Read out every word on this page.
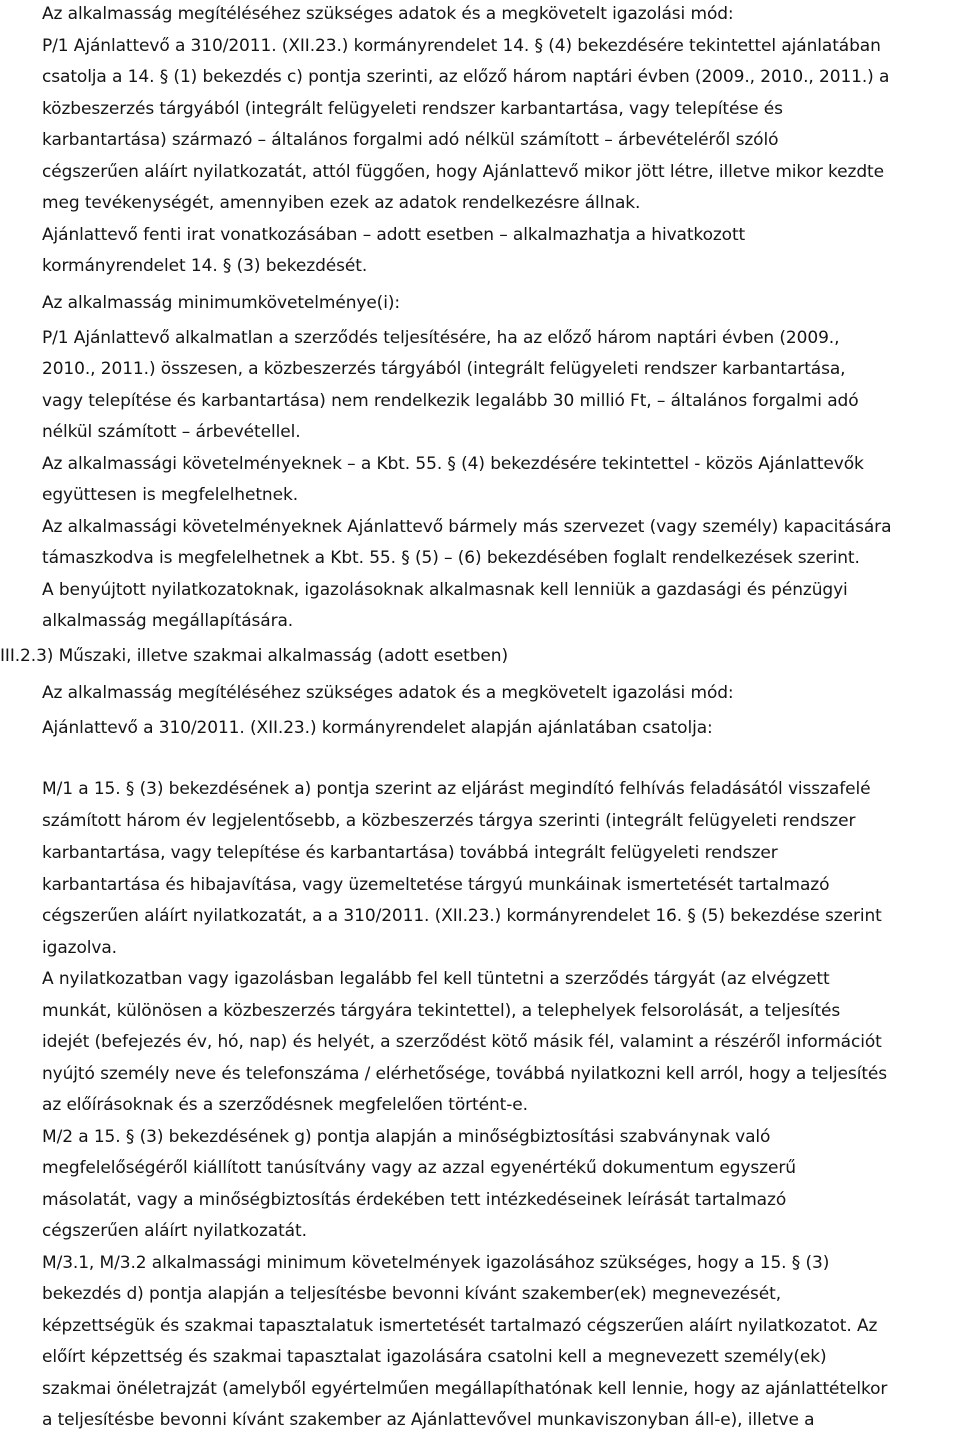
Az alkalmasság megítéléséhez szükséges adatok és a megkövetelt igazolási mód:
P/1 Ajánlattevő a 310/2011. (XII.23.) kormányrendelet 14. § (4) bekezdésére tekintettel ajánlatában
csatolja a 14. § (1) bekezdés c) pontja szerinti, az előző három naptári évben (2009., 2010., 2011.) a
közbeszerzés tárgyából (integrált felügyeleti rendszer karbantartása, vagy telepítése és
karbantartása) származó – általános forgalmi adó nélkül számított – árbevételéről szóló
cégszerűen aláírt nyilatkozatát, attól függően, hogy Ajánlattevő mikor jött létre, illetve mikor kezdte
meg tevékenységét, amennyiben ezek az adatok rendelkezésre állnak.
Ajánlattevő fenti irat vonatkozásában – adott esetben – alkalmazhatja a hivatkozott
kormányrendelet 14. § (3) bekezdését.
Az alkalmasság minimumkövetelménye(i):
P/1 Ajánlattevő alkalmatlan a szerződés teljesítésére, ha az előző három naptári évben (2009.,
2010., 2011.) összesen, a közbeszerzés tárgyából (integrált felügyeleti rendszer karbantartása,
vagy telepítése és karbantartása) nem rendelkezik legalább 30 millió Ft, – általános forgalmi adó
nélkül számított – árbevétellel.
Az alkalmassági követelményeknek – a Kbt. 55. § (4) bekezdésére tekintettel - közös Ajánlattevők
együttesen is megfelelhetnek.
Az alkalmassági követelményeknek Ajánlattevő bármely más szervezet (vagy személy) kapacitására
támaszkodva is megfelelhetnek a Kbt. 55. § (5) – (6) bekezdésében foglalt rendelkezések szerint.
A benyújtott nyilatkozatoknak, igazolásoknak alkalmasnak kell lenniük a gazdasági és pénzügyi
alkalmasság megállapítására.
III.2.3) Műszaki, illetve szakmai alkalmasság (adott esetben)
Az alkalmasság megítéléséhez szükséges adatok és a megkövetelt igazolási mód:
Ajánlattevő a 310/2011. (XII.23.) kormányrendelet alapján ajánlatában csatolja:
M/1 a 15. § (3) bekezdésének a) pontja szerint az eljárást megindító felhívás feladásától visszafelé
számított három év legjelentősebb, a közbeszerzés tárgya szerinti (integrált felügyeleti rendszer
karbantartása, vagy telepítése és karbantartása) továbbá integrált felügyeleti rendszer
karbantartása és hibajavítása, vagy üzemeltetése tárgyú munkáinak ismertetését tartalmazó
cégszerűen aláírt nyilatkozatát, a a 310/2011. (XII.23.) kormányrendelet 16. § (5) bekezdése szerint
igazolva.
A nyilatkozatban vagy igazolásban legalább fel kell tüntetni a szerződés tárgyát (az elvégzett
munkát, különösen a közbeszerzés tárgyára tekintettel), a telephelyek felsorolását, a teljesítés
idejét (befejezés év, hó, nap) és helyét, a szerződést kötő másik fél, valamint a részéről információt
nyújtó személy neve és telefonszáma / elérhetősége, továbbá nyilatkozni kell arról, hogy a teljesítés
az előírásoknak és a szerződésnek megfelelően történt-e.
M/2 a 15. § (3) bekezdésének g) pontja alapján a minőségbiztosítási szabványnak való
megfelelőségéről kiállított tanúsítvány vagy az azzal egyenértékű dokumentum egyszerű
másolatát, vagy a minőségbiztosítás érdekében tett intézkedéseinek leírását tartalmazó
cégszerűen aláírt nyilatkozatát.
M/3.1, M/3.2 alkalmassági minimum követelmények igazolásához szükséges, hogy a 15. § (3)
bekezdés d) pontja alapján a teljesítésbe bevonni kívánt szakember(ek) megnevezését,
képzettségük és szakmai tapasztalatuk ismertetését tartalmazó cégszerűen aláírt nyilatkozatot. Az
előírt képzettség és szakmai tapasztalat igazolására csatolni kell a megnevezett személy(ek)
szakmai önéletrajzát (amelyből egyértelműen megállapíthatónak kell lennie, hogy az ajánlattételkor
a teljesítésbe bevonni kívánt szakember az Ajánlattevővel munkaviszonyban áll-e), illetve a
